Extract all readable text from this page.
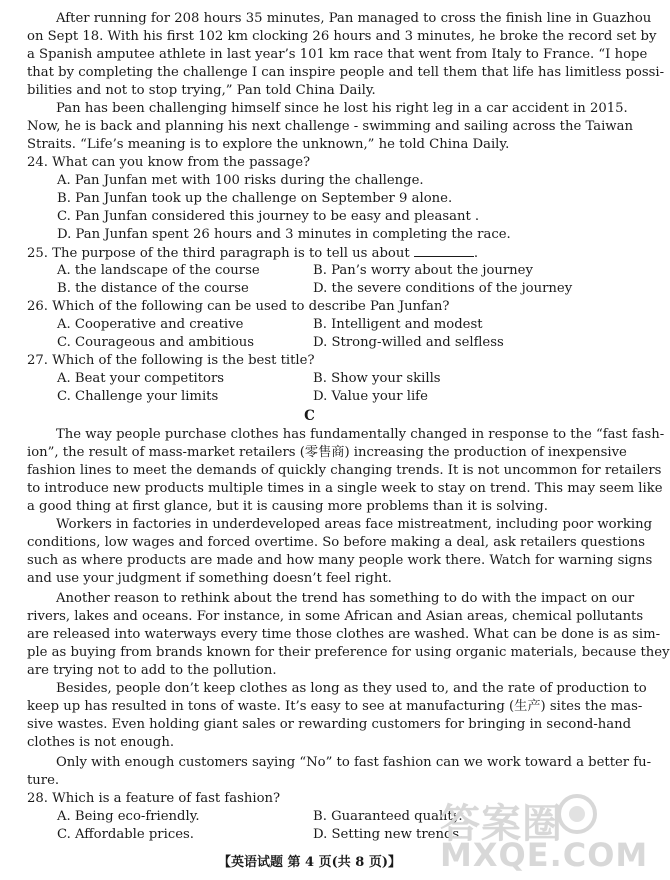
After running for 208 hours 35 minutes, Pan managed to cross the finish line in Guazhou
on Sept 18. With his first 102 km clocking 26 hours and 3 minutes, he broke the record set by
a Spanish amputee athlete in last year’s 101 km race that went from Italy to France. “I hope
that by completing the challenge I can inspire people and tell them that life has limitless possi-
bilities and not to stop trying,” Pan told China Daily.
Pan has been challenging himself since he lost his right leg in a car accident in 2015.
Now, he is back and planning his next challenge - swimming and sailing across the Taiwan
Straits. “Life’s meaning is to explore the unknown,” he told China Daily.
24. What can you know from the passage?
A. Pan Junfan met with 100 risks during the challenge.
B. Pan Junfan took up the challenge on September 9 alone.
C. Pan Junfan considered this journey to be easy and pleasant .
D. Pan Junfan spent 26 hours and 3 minutes in completing the race.
25. The purpose of the third paragraph is to tell us about	.
A. the landscape of the course	B. Pan’s worry about the journey
B. the distance of the course	D. the severe conditions of the journey
26. Which of the following can be used to describe Pan Junfan?
A. Cooperative and creative	B. Intelligent and modest
C. Courageous and ambitious	D. Strong-willed and selfless
27. Which of the following is the best title?
A. Beat your competitors	B. Show your skills
C. Challenge your limits	D. Value your life
C
The way people purchase clothes has fundamentally changed in response to the “fast fash-
ion”, the result of mass-market retailers (零售商) increasing the production of inexpensive
fashion lines to meet the demands of quickly changing trends. It is not uncommon for retailers
to introduce new products multiple times in a single week to stay on trend. This may seem like
a good thing at first glance, but it is causing more problems than it is solving.
Workers in factories in underdeveloped areas face mistreatment, including poor working
conditions, low wages and forced overtime. So before making a deal, ask retailers questions
such as where products are made and how many people work there. Watch for warning signs
and use your judgment if something doesn’t feel right.
Another reason to rethink about the trend has something to do with the impact on our
rivers, lakes and oceans. For instance, in some African and Asian areas, chemical pollutants
are released into waterways every time those clothes are washed. What can be done is as sim-
ple as buying from brands known for their preference for using organic materials, because they
are trying not to add to the pollution.
Besides, people don’t keep clothes as long as they used to, and the rate of production to
keep up has resulted in tons of waste. It’s easy to see at manufacturing (生产) sites the mas-
sive wastes. Even holding giant sales or rewarding customers for bringing in second-hand
clothes is not enough.
Only with enough customers saying “No” to fast fashion can we work toward a better fu-
ture.
28. Which is a feature of fast fashion?
A. Being eco-friendly.	B. Guaranteed quality.
C. Affordable prices.	D. Setting new trends.
答案圈
MXQE.COM
【英语试题 第 4 页(共 8 页)】
